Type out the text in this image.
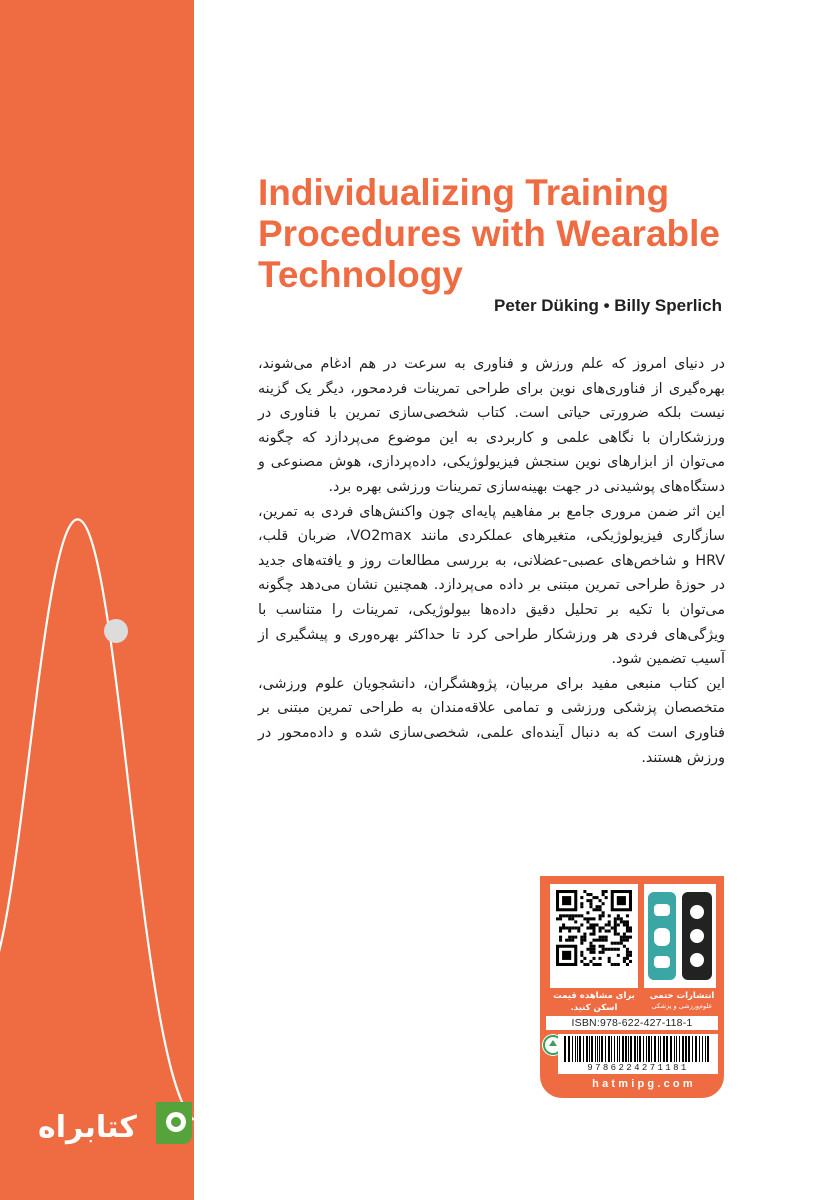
Individualizing Training Procedures with Wearable Technology
Peter Düking • Billy Sperlich

در دنیای امروز که علم ورزش و فناوری به سرعت در هم ادغام می‌شوند، بهره‌گیری از فناوری‌های نوین برای طراحی تمرینات فردمحور، دیگر یک گزینه نیست بلکه ضرورتی حیاتی است. کتاب شخصی‌سازی تمرین با فناوری در ورزشکاران با نگاهی علمی و کاربردی به این موضوع می‌پردازد که چگونه می‌توان از ابزارهای نوین سنجش فیزیولوژیکی، داده‌پردازی، هوش مصنوعی و دستگاه‌های پوشیدنی در جهت بهینه‌سازی تمرینات ورزشی بهره برد.

این اثر ضمن مروری جامع بر مفاهیم پایه‌ای چون واکنش‌های فردی به تمرین، سازگاری فیزیولوژیکی، متغیرهای عملکردی مانند VO2max، ضربان قلب، HRV و شاخص‌های عصبی-عضلانی، به بررسی مطالعات روز و یافته‌های جدید در حوزهٔ طراحی تمرین مبتنی بر داده می‌پردازد. همچنین نشان می‌دهد چگونه می‌توان با تکیه بر تحلیل دقیق داده‌ها بیولوژیکی، تمرینات را متناسب با ویژگی‌های فردی هر ورزشکار طراحی کرد تا حداکثر بهره‌وری و پیشگیری از آسیب تضمین شود.

این کتاب منبعی مفید برای مربیان، پژوهشگران، دانشجویان علوم ورزشی، متخصصان پزشکی ورزشی و تمامی علاقه‌مندان به طراحی تمرین مبتنی بر فناوری است که به دنبال آینده‌ای علمی، شخصی‌سازی شده و داده‌محور در ورزش هستند.

برای مشاهده قیمت اسکن کنید.
انتشارات حتمی
علوم‌ورزشی و پزشکی
ISBN:978-622-427-118-1
9786224271181
hatmipg.com
کتابراه
